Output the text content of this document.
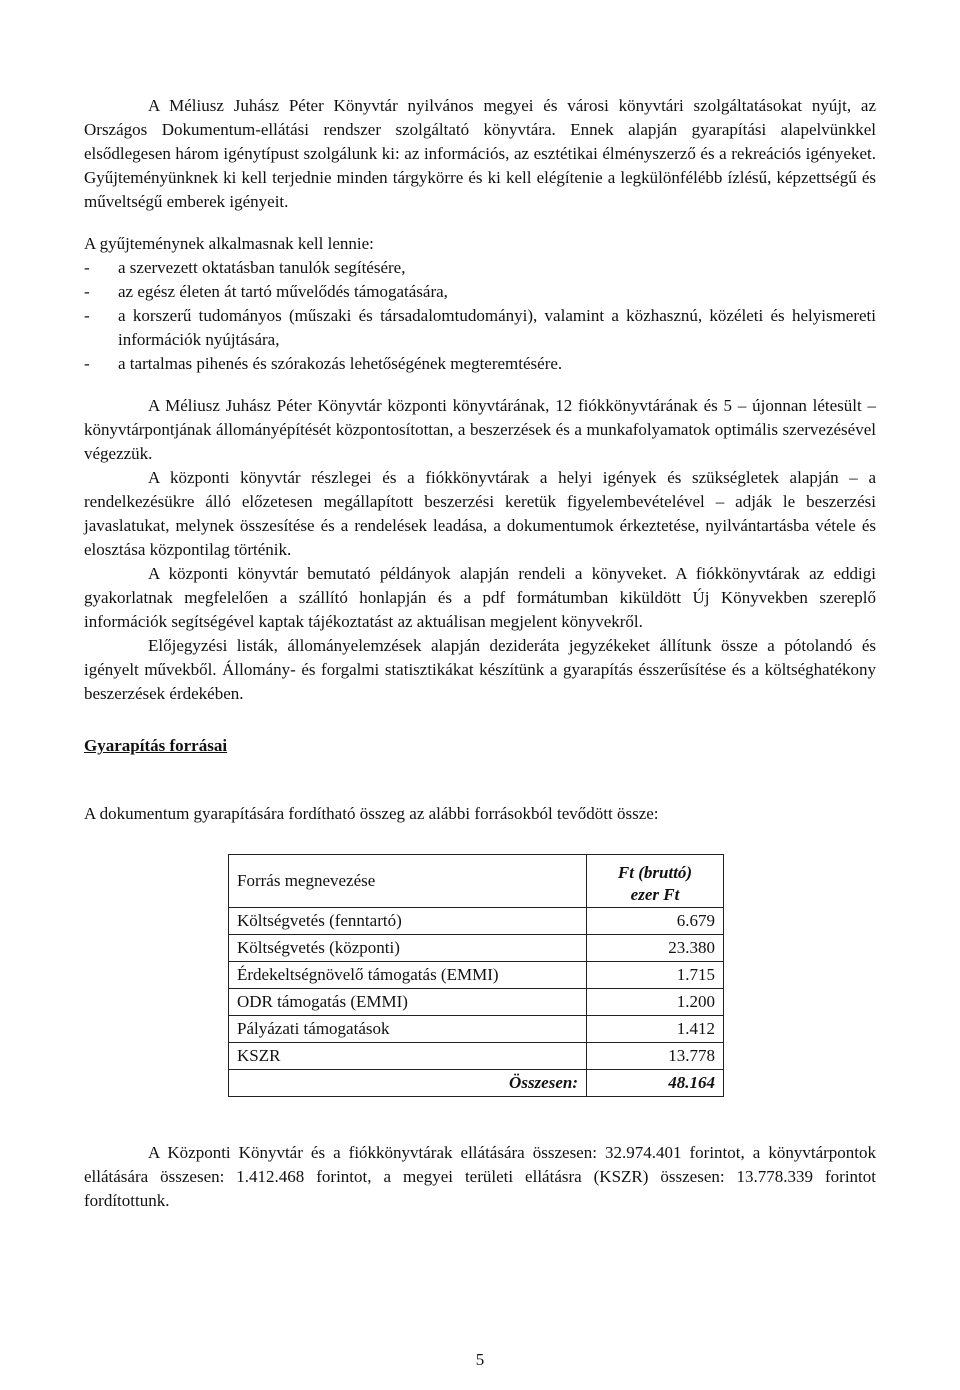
A Méliusz Juhász Péter Könyvtár nyilvános megyei és városi könyvtári szolgáltatásokat nyújt, az Országos Dokumentum-ellátási rendszer szolgáltató könyvtára. Ennek alapján gyarapítási alapelvünkkel elsődlegesen három igénytípust szolgálunk ki: az információs, az esztétikai élményszerző és a rekreációs igényeket. Gyűjteményünknek ki kell terjednie minden tárgykörre és ki kell elégítenie a legkülönfélébb ízlésű, képzettségű és műveltségű emberek igényeit.

A gyűjteménynek alkalmasnak kell lennie:

- a szervezett oktatásban tanulók segítésére,
- az egész életen át tartó művelődés támogatására,
- a korszerű tudományos (műszaki és társadalomtudományi), valamint a közhasznú, közéleti és helyismereti információk nyújtására,
- a tartalmas pihenés és szórakozás lehetőségének megteremtésére.

A Méliusz Juhász Péter Könyvtár központi könyvtárának, 12 fiókkönyvtárának és 5 – újonnan létesült – könyvtárpontjának állományépítését központosítottan, a beszerzések és a munkafolyamatok optimális szervezésével végezzük.

A központi könyvtár részlegei és a fiókkönyvtárak a helyi igények és szükségletek alapján – a rendelkezésükre álló előzetesen megállapított beszerzési keretük figyelembevételével – adják le beszerzési javaslatukat, melynek összesítése és a rendelések leadása, a dokumentumok érkeztetése, nyilvántartásba vétele és elosztása központilag történik.

A központi könyvtár bemutató példányok alapján rendeli a könyveket. A fiókkönyvtárak az eddigi gyakorlatnak megfelelően a szállító honlapján és a pdf formátumban kiküldött Új Könyvekben szereplő információk segítségével kaptak tájékoztatást az aktuálisan megjelent könyvekről.

Előjegyzési listák, állományelemzések alapján dezideráta jegyzékeket állítunk össze a pótolandó és igényelt művekből. Állomány- és forgalmi statisztikákat készítünk a gyarapítás ésszerűsítése és a költséghatékony beszerzések érdekében.

Gyarapítás forrásai

A dokumentum gyarapítására fordítható összeg az alábbi forrásokból tevődött össze:

Forrás megnevezése	Ft (bruttó)
ezer Ft
Költségvetés (fenntartó)	6.679
Költségvetés (központi)	23.380
Érdekeltségnövelő támogatás (EMMI)	1.715
ODR támogatás (EMMI)	1.200
Pályázati támogatások	1.412
KSZR	13.778
Összesen:	48.164

A Központi Könyvtár és a fiókkönyvtárak ellátására összesen: 32.974.401 forintot, a könyvtárpontok ellátására összesen: 1.412.468 forintot, a megyei területi ellátásra (KSZR) összesen: 13.778.339 forintot fordítottunk.

5
